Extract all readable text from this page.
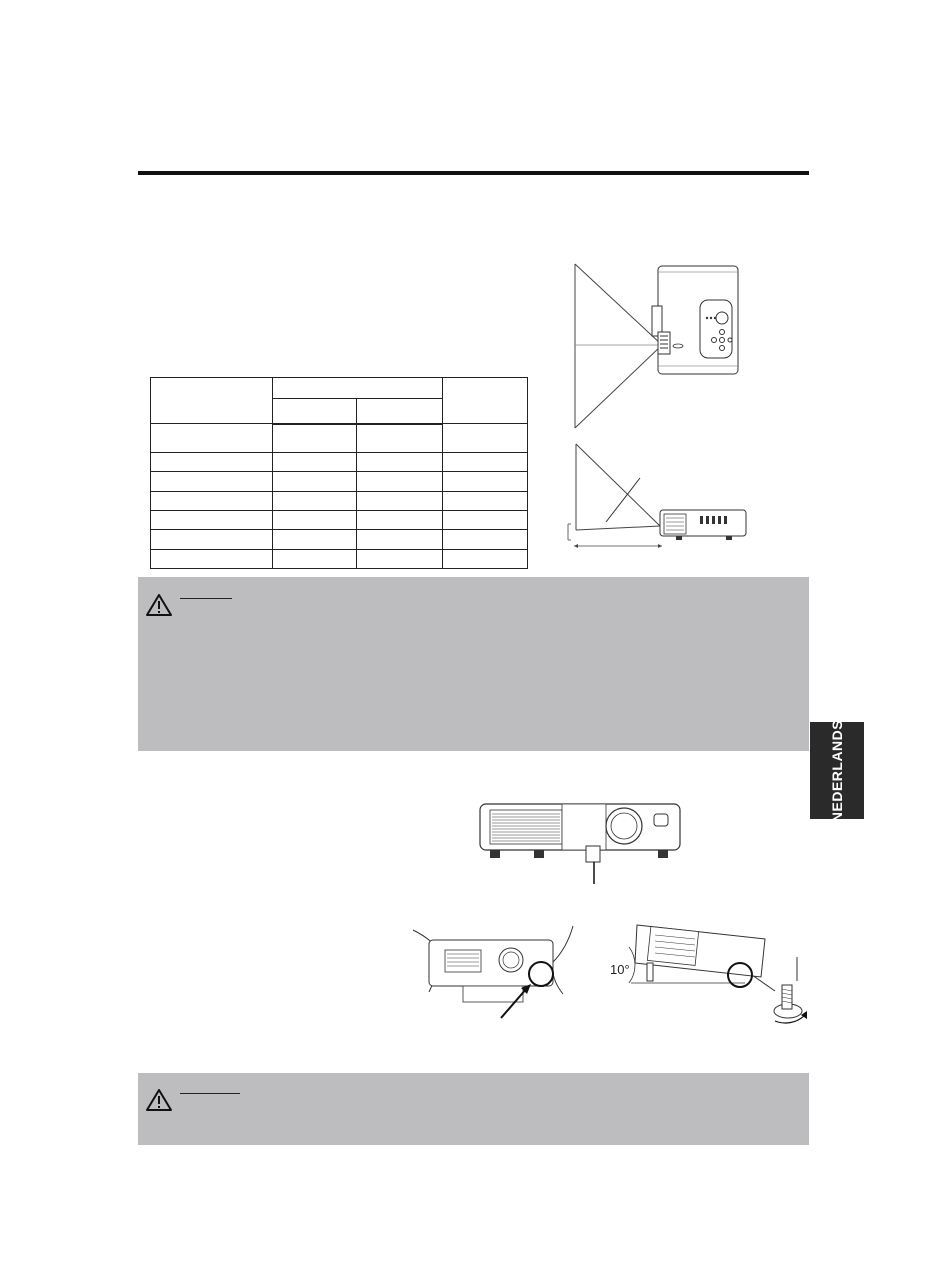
NEDERLANDS
10°
